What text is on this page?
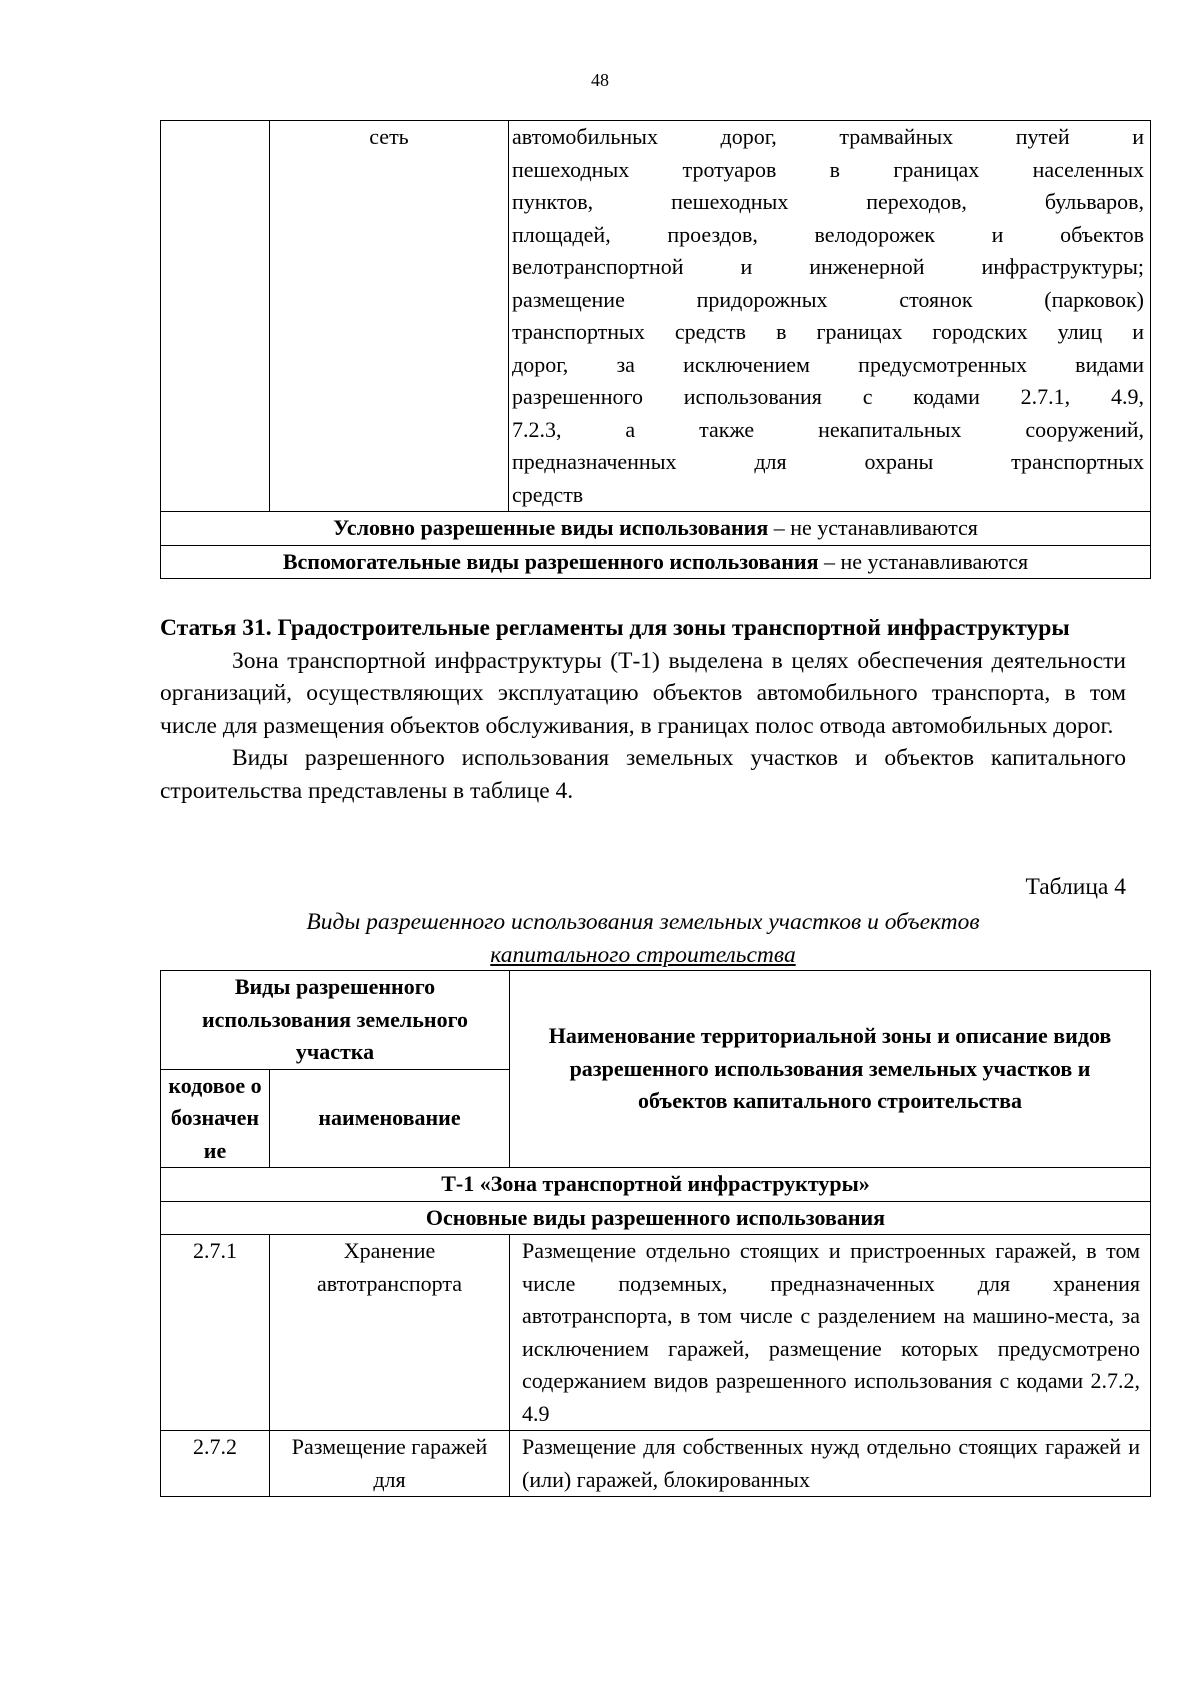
48
	сеть	автомобильных дорог, трамвайных путей и
пешеходных тротуаров в границах населенных
пунктов, пешеходных переходов, бульваров,
площадей, проездов, велодорожек и объектов
велотранспортной и инженерной инфраструктуры;
размещение придорожных стоянок (парковок)
транспортных средств в границах городских улиц и
дорог, за исключением предусмотренных видами
разрешенного использования с кодами 2.7.1, 4.9,
7.2.3, а также некапитальных сооружений,
предназначенных для охраны транспортных
средств

Условно разрешенные виды использования – не устанавливаются
Вспомогательные виды разрешенного использования – не устанавливаются
Статья 31. Градостроительные регламенты для зоны транспортной инфраструктуры

Зона транспортной инфраструктуры (Т-1) выделена в целях обеспечения деятельности организаций, осуществляющих эксплуатацию объектов автомобильного транспорта, в том числе для размещения объектов обслуживания, в границах полос отвода автомобильных дорог.

Виды разрешенного использования земельных участков и объектов капитального строительства представлены в таблице 4.

Таблица 4
Виды разрешенного использования земельных участков и объектов
капитального строительства
Виды разрешенного использования земельного участка		Наименование территориальной зоны и описание видов разрешенного использования земельных участков и объектов капитального строительства
кодовое обозначение	наименование	
Т-1 «Зона транспортной инфраструктуры»		
Основные виды разрешенного использования		
2.7.1	Хранение автотранспорта	Размещение отдельно стоящих и пристроенных гаражей, в том числе подземных, предназначенных для хранения автотранспорта, в том числе с разделением на машино-места, за исключением гаражей, размещение которых предусмотрено содержанием видов разрешенного использования с кодами 2.7.2, 4.9
2.7.2	Размещение гаражей для	Размещение для собственных нужд отдельно стоящих гаражей и (или) гаражей, блокированных
